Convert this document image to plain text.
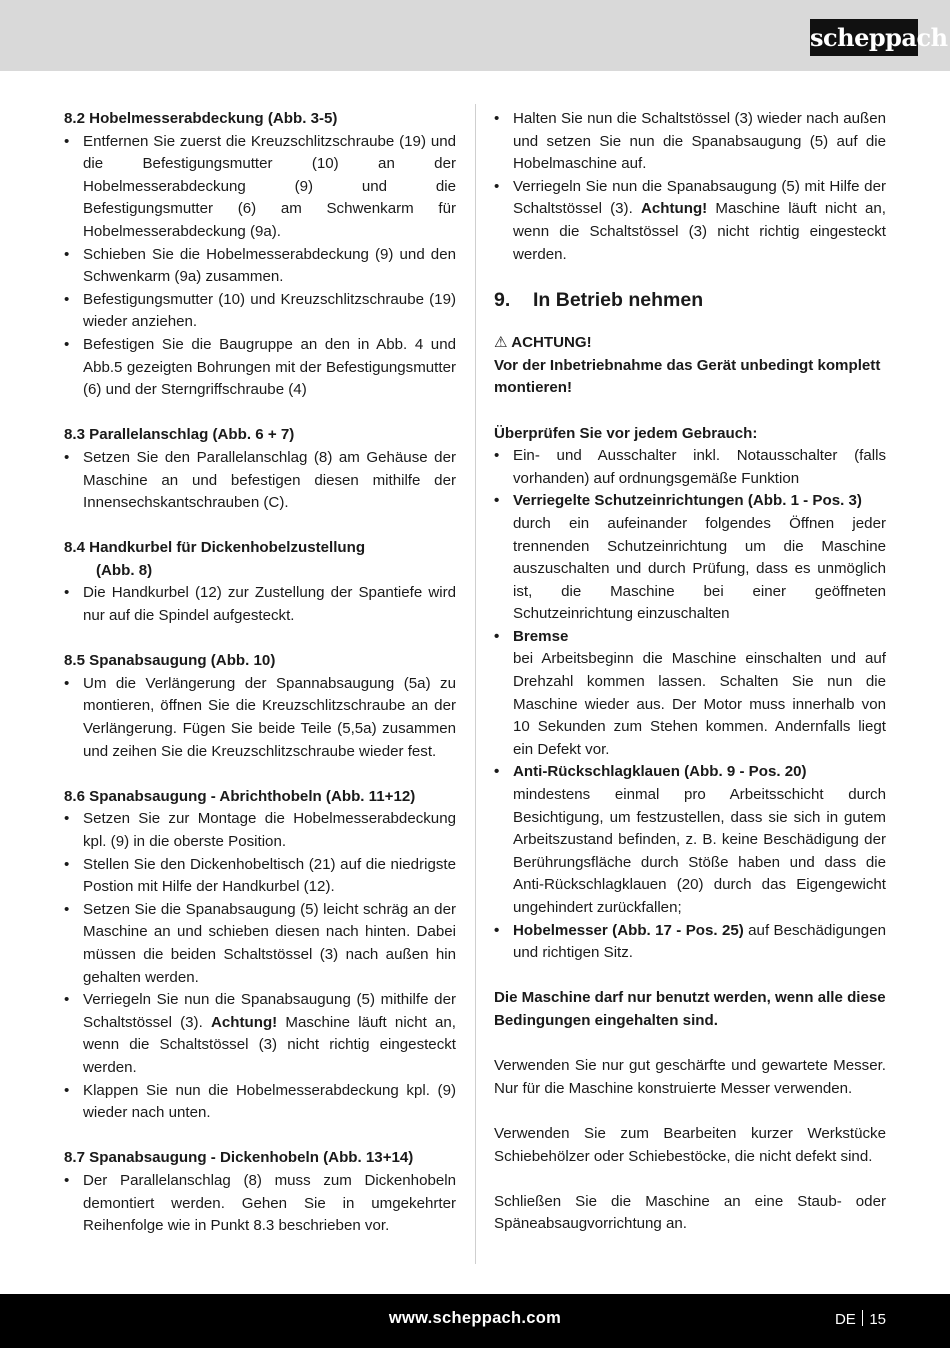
scheppach

8.2 Hobelmesserabdeckung (Abb. 3-5)

• Entfernen Sie zuerst die Kreuzschlitzschraube (19) und die Befestigungsmutter (10) an der Hobelmesserabdeckung (9) und die Befestigungsmutter (6) am Schwenkarm für Hobelmesserabdeckung (9a).
• Schieben Sie die Hobelmesserabdeckung (9) und den Schwenkarm (9a) zusammen.
• Befestigungsmutter (10) und Kreuzschlitzschraube (19) wieder anziehen.
• Befestigen Sie die Baugruppe an den in Abb. 4 und Abb.5 gezeigten Bohrungen mit der Befestigungsmutter (6) und der Sterngriffschraube (4)

8.3 Parallelanschlag (Abb. 6 + 7)

• Setzen Sie den Parallelanschlag (8) am Gehäuse der Maschine an und befestigen diesen mithilfe der Innensechskantschrauben (C).

8.4 Handkurbel für Dickenhobelzustellung

(Abb. 8)

• Die Handkurbel (12) zur Zustellung der Spantiefe wird nur auf die Spindel aufgesteckt.

8.5 Spanabsaugung (Abb. 10)

• Um die Verlängerung der Spannabsaugung (5a) zu montieren, öffnen Sie die Kreuzschlitzschraube an der Verlängerung. Fügen Sie beide Teile (5,5a) zusammen und zeihen Sie die Kreuzschlitzschraube wieder fest.

8.6 Spanabsaugung - Abrichthobeln (Abb. 11+12)

• Setzen Sie zur Montage die Hobelmesserabdeckung kpl. (9) in die oberste Position.
• Stellen Sie den Dickenhobeltisch (21) auf die niedrigste Postion mit Hilfe der Handkurbel (12).
• Setzen Sie die Spanabsaugung (5) leicht schräg an der Maschine an und schieben diesen nach hinten. Dabei müssen die beiden Schaltstössel (3) nach außen hin gehalten werden.
• Verriegeln Sie nun die Spanabsaugung (5) mithilfe der Schaltstössel (3). Achtung! Maschine läuft nicht an, wenn die Schaltstössel (3) nicht richtig eingesteckt werden.
• Klappen Sie nun die Hobelmesserabdeckung kpl. (9) wieder nach unten.

8.7 Spanabsaugung - Dickenhobeln (Abb. 13+14)

• Der Parallelanschlag (8) muss zum Dickenhobeln demontiert werden. Gehen Sie in umgekehrter Reihenfolge wie in Punkt 8.3 beschrieben vor.
• Halten Sie nun die Schaltstössel (3) wieder nach außen und setzen Sie nun die Spanabsaugung (5) auf die Hobelmaschine auf.
• Verriegeln Sie nun die Spanabsaugung (5) mit Hilfe der Schaltstössel (3). Achtung! Maschine läuft nicht an, wenn die Schaltstössel (3) nicht richtig eingesteckt werden.
9. In Betrieb nehmen

⚠ ACHTUNG!

Vor der Inbetriebnahme das Gerät unbedingt komplett montieren!

Überprüfen Sie vor jedem Gebrauch:

• Ein- und Ausschalter inkl. Notausschalter (falls vorhanden) auf ordnungsgemäße Funktion
• Verriegelte Schutzeinrichtungen (Abb. 1 - Pos. 3)
durch ein aufeinander folgendes Öffnen jeder trennenden Schutzeinrichtung um die Maschine auszuschalten und durch Prüfung, dass es unmöglich ist, die Maschine bei einer geöffneten Schutzeinrichtung einzuschalten
• Bremse
bei Arbeitsbeginn die Maschine einschalten und auf Drehzahl kommen lassen. Schalten Sie nun die Maschine wieder aus. Der Motor muss innerhalb von 10 Sekunden zum Stehen kommen. Andernfalls liegt ein Defekt vor.
• Anti-Rückschlagklauen (Abb. 9 - Pos. 20)
mindestens einmal pro Arbeitsschicht durch Besichtigung, um festzustellen, dass sie sich in gutem Arbeitszustand befinden, z. B. keine Beschädigung der Berührungsfläche durch Stöße haben und dass die Anti-Rückschlagklauen (20) durch das Eigengewicht ungehindert zurückfallen;
• Hobelmesser (Abb. 17 - Pos. 25) auf Beschädigungen und richtigen Sitz.

Die Maschine darf nur benutzt werden, wenn alle diese Bedingungen eingehalten sind.

Verwenden Sie nur gut geschärfte und gewartete Messer. Nur für die Maschine konstruierte Messer verwenden.

Verwenden Sie zum Bearbeiten kurzer Werkstücke Schiebehölzer oder Schiebestöcke, die nicht defekt sind.

Schließen Sie die Maschine an eine Staub- oder Späneabsaugvorrichtung an.

www.scheppach.com	DE 15
